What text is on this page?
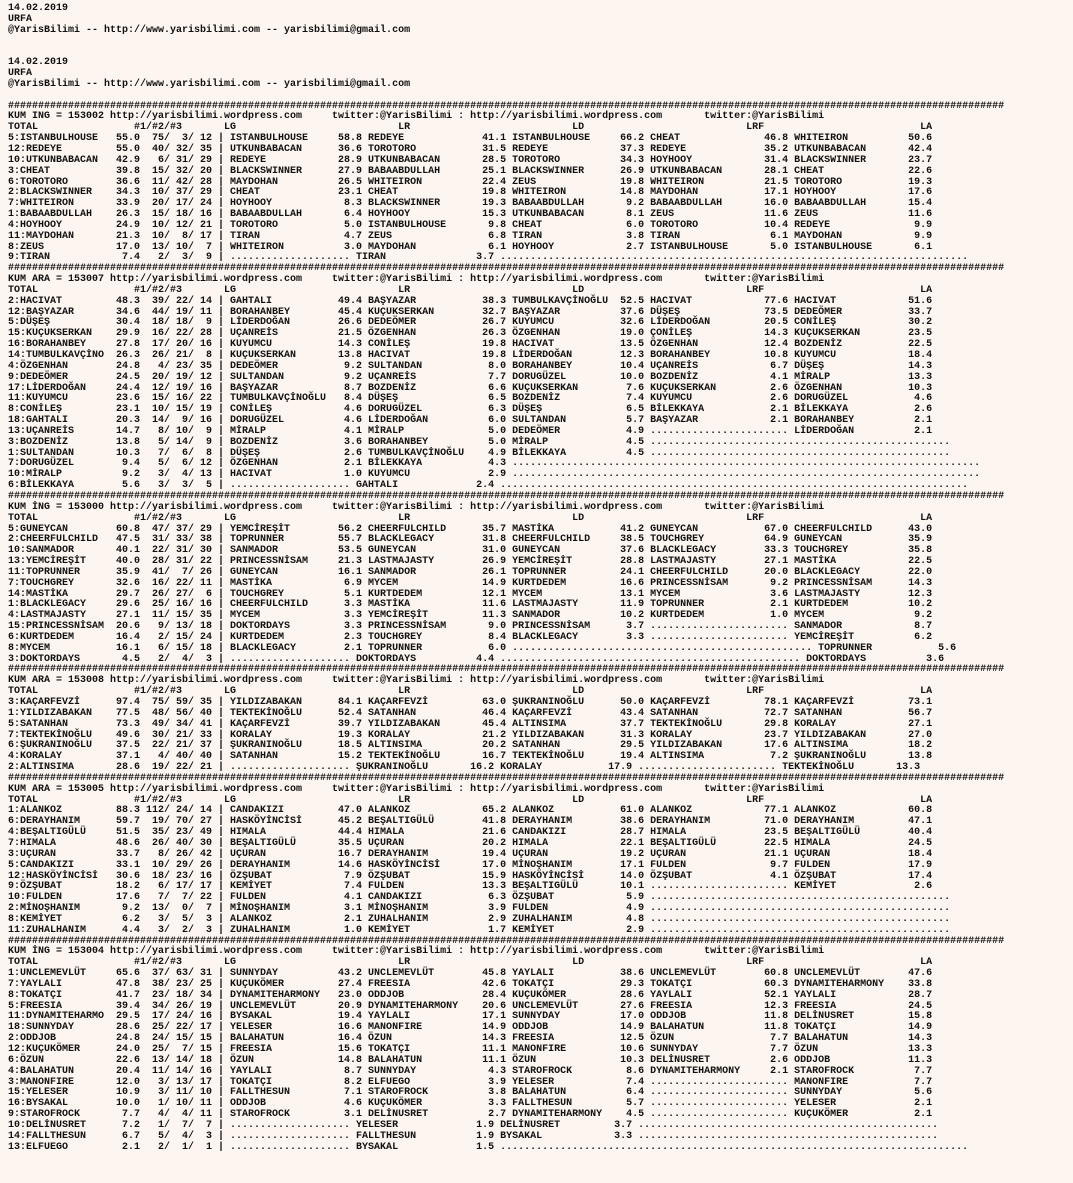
14.02.2019
URFA
@YarisBilimi -- http://www.yarisbilimi.com -- yarisbilimi@gmail.com
14.02.2019
URFA
@YarisBilimi -- http://www.yarisbilimi.com -- yarisbilimi@gmail.com
######################################################################################################################################################################
KUM ING = 153002 http://yarisbilimi.wordpress.com     twitter:@YarisBilimi : http://yarisbilimi.wordpress.com       twitter:@YarisBilimi
TOTAL                #1/#2/#3       LG                           LR                           LD                           LRF                          LA
5:ISTANBULHOUSE   55.0  75/  3/ 12 | ISTANBULHOUSE     58.8 REDEYE             41.1 ISTANBULHOUSE     66.2 CHEAT              46.8 WHITEIRON          50.6
12:REDEYE         55.0  40/ 32/ 35 | UTKUNBABACAN      36.6 TOROTORO           31.5 REDEYE            37.3 REDEYE             35.2 UTKUNBABACAN       42.4
10:UTKUNBABACAN   42.9   6/ 31/ 29 | REDEYE            28.9 UTKUNBABACAN       28.5 TOROTORO          34.3 HOYHOOY            31.4 BLACKSWINNER       23.7
3:CHEAT           39.8  15/ 32/ 20 | BLACKSWINNER      27.9 BABAABDULLAH       25.1 BLACKSWINNER      26.9 UTKUNBABACAN       28.1 CHEAT              22.6
6:TOROTORO        36.6  11/ 42/ 28 | MAYDOHAN          26.5 WHITEIRON          22.4 ZEUS              19.8 WHITEIRON          21.5 TOROTORO           19.3
2:BLACKSWINNER    34.3  10/ 37/ 29 | CHEAT             23.1 CHEAT              19.8 WHITEIRON         14.8 MAYDOHAN           17.1 HOYHOOY            17.6
7:WHITEIRON       33.9  20/ 17/ 24 | HOYHOOY            8.3 BLACKSWINNER       19.3 BABAABDULLAH       9.2 BABAABDULLAH       16.0 BABAABDULLAH       15.4
1:BABAABDULLAH    26.3  15/ 18/ 16 | BABAABDULLAH       6.4 HOYHOOY            15.3 UTKUNBABACAN       8.1 ZEUS               11.6 ZEUS               11.6
4:HOYHOOY         24.9  10/ 12/ 21 | TOROTORO           5.0 ISTANBULHOUSE       9.8 CHEAT              6.0 TOROTORO           10.4 REDEYE              9.9
11:MAYDOHAN       21.3  10/  8/ 17 | TIRAN              4.7 ZEUS                6.8 TIRAN              3.8 TIRAN               6.1 MAYDOHAN            9.9
8:ZEUS            17.0  13/ 10/  7 | WHITEIRON          3.0 MAYDOHAN            6.1 HOYHOOY            2.7 ISTANBULHOUSE       5.0 ISTANBULHOUSE       6.1
9:TIRAN            7.4   2/  3/  9 | .................... TIRAN               3.7 ..............................................................................
######################################################################################################################################################################
KUM ARA = 153007 http://yarisbilimi.wordpress.com     twitter:@YarisBilimi : http://yarisbilimi.wordpress.com       twitter:@YarisBilimi
TOTAL                #1/#2/#3       LG                           LR                           LD                           LRF                          LA
2:HACIVAT         48.3  39/ 22/ 14 | GAHTALI           49.4 BAŞYAZAR           38.3 TUMBULKAVÇİNOĞLU  52.5 HACIVAT            77.6 HACIVAT            51.6
12:BAŞYAZAR       34.6  44/ 19/ 11 | BORAHANBEY        45.4 KUÇUKSERKAN        32.7 BAŞYAZAR          37.6 DÜŞEŞ              73.5 DEDEÖMER           33.7
5:DÜŞEŞ           30.4  18/ 18/  9 | LİDERDOĞAN        26.6 DEDEÖMER           26.7 KUYUMCU           32.6 LİDERDOĞAN         20.5 CONİLEŞ            30.2
15:KUÇUKSERKAN    29.9  16/ 22/ 28 | UÇANREİS          21.5 ÖZGENHAN           26.3 ÖZGENHAN          19.0 ÇONİLEŞ            14.3 KUÇUKSERKAN        23.5
16:BORAHANBEY     27.8  17/ 20/ 16 | KUYUMCU           14.3 CONİLEŞ            19.8 HACIVAT           13.5 ÖZGENHAN           12.4 BOZDENİZ           22.5
14:TUMBULKAVÇİNO  26.3  26/ 21/  8 | KUÇUKSERKAN       13.8 HACIVAT            19.8 LİDERDOĞAN        12.3 BORAHANBEY         10.8 KUYUMCU            18.4
4:ÖZGENHAN        24.8   4/ 23/ 35 | DEDEÖMER           9.2 SULTANDAN           8.0 BORAHANBEY        10.4 UÇANREİS            6.7 DÜŞEŞ              14.3
9:DEDEÖMER        24.5  20/ 19/ 12 | SULTANDAN          9.2 UÇANREİS            7.7 DORUGÜZEL         10.0 BOZDENİZ            4.1 MİRALP             13.3
17:LİDERDOĞAN     24.4  12/ 19/ 16 | BAŞYAZAR           8.7 BOZDENİZ            6.6 KUÇUKSERKAN        7.6 KUÇUKSERKAN         2.6 ÖZGENHAN           10.3
11:KUYUMCU        23.6  15/ 16/ 22 | TUMBULKAVÇİNOĞLU   8.4 DÜŞEŞ               6.5 BOZDENİZ           7.4 KUYUMCU             2.6 DORUGÜZEL           4.6
8:CONİLEŞ         23.1  10/ 15/ 19 | CONİLEŞ            4.6 DORUGÜZEL           6.3 DÜŞEŞ              6.5 BİLEKKAYA           2.1 BİLEKKAYA           2.6
18:GAHTALI        20.3  14/  9/ 16 | DORUGÜZEL          4.6 LİDERDOĞAN          6.0 SULTANDAN          5.7 BAŞYAZAR            2.1 BORAHANBEY          2.1
13:UÇANREİS       14.7   8/ 10/  9 | MİRALP             4.1 MİRALP              5.0 DEDEÖMER           4.9 ....................... LİDERDOĞAN          2.1
3:BOZDENİZ        13.8   5/ 14/  9 | BOZDENİZ           3.6 BORAHANBEY          5.0 MİRALP             4.5 ..................................................
1:SULTANDAN       10.3   7/  6/  8 | DÜŞEŞ              2.6 TUMBULKAVÇİNOĞLU    4.9 BİLEKKAYA          4.5 ..................................................
7:DORUGÜZEL        9.4   5/  6/ 12 | ÖZGENHAN           2.1 BİLEKKAYA           4.3 ..............................................................................
10:MİRALP          9.2   3/  4/ 13 | HACIVAT            1.0 KUYUMCU             2.9 ..............................................................................
6:BİLEKKAYA        5.6   3/  3/  5 | .................... GAHTALI             2.4 ..............................................................................
######################################################################################################################################################################
KUM İNG = 153000 http://yarisbilimi.wordpress.com     twitter:@YarisBilimi : http://yarisbilimi.wordpress.com       twitter:@YarisBilimi
TOTAL                #1/#2/#3       LG                           LR                           LD                           LRF                          LA
5:GUNEYCAN        60.8  47/ 37/ 29 | YEMCİREŞİT        56.2 CHEERFULCHILD      35.7 MASTİKA           41.2 GUNEYCAN           67.0 CHEERFULCHILD      43.0
2:CHEERFULCHILD   47.5  31/ 33/ 38 | TOPRUNNER         55.7 BLACKLEGACY        31.8 CHEERFULCHILD     38.5 TOUCHGREY          64.9 GUNEYCAN           35.9
10:SANMADOR       40.1  22/ 31/ 30 | SANMADOR          53.5 GUNEYCAN           31.0 GUNEYCAN          37.6 BLACKLEGACY        33.3 TOUCHGREY          35.8
13:YEMCİREŞİT     40.0  28/ 31/ 22 | PRINCESSNİSAM     21.3 LASTMAJASTY        26.9 YEMCİREŞİT        28.8 LASTMAJASTY        27.1 MASTİKA            22.5
11:TOPRUNNER      35.9  41/  7/ 26 | GUNEYCAN          16.1 SANMADOR           26.1 TOPRUNNER         24.1 CHEERFULCHILD      20.0 BLACKLEGACY        22.0
7:TOUCHGREY       32.6  16/ 22/ 11 | MASTİKA            6.9 MYCEM              14.9 KURTDEDEM         16.6 PRINCESSNİSAM       9.2 PRINCESSNİSAM      14.3
14:MASTİKA        29.7  26/ 27/  6 | TOUCHGREY          5.1 KURTDEDEM          12.1 MYCEM             13.1 MYCEM               3.6 LASTMAJASTY        12.3
1:BLACKLEGACY     29.6  25/ 16/ 16 | CHEERFULCHILD      3.3 MASTİKA            11.6 LASTMAJASTY       11.9 TOPRUNNER           2.1 KURTDEDEM          10.2
4:LASTMAJASTY     27.1  11/ 15/ 35 | MYCEM              3.3 YEMCİREŞİT         11.3 SANMADOR          10.2 KURTDEDEM           1.0 MYCEM               9.2
15:PRINCESSNİSAM  20.6   9/ 13/ 18 | DOKTORDAYS         3.3 PRINCESSNİSAM       9.0 PRINCESSNİSAM      3.7 ....................... SANMADOR            8.7
6:KURTDEDEM       16.4   2/ 15/ 24 | KURTDEDEM          2.3 TOUCHGREY           8.4 BLACKLEGACY        3.3 ....................... YEMCİREŞİT          6.2
8:MYCEM           16.1   6/ 15/ 18 | BLACKLEGACY        2.1 TOPRUNNER           6.0 .................................................. TOPRUNNER           5.6
3:DOKTORDAYS       4.5   2/  4/  3 | .................... DOKTORDAYS          4.4 .................................................. DOKTORDAYS          3.6
######################################################################################################################################################################
KUM ARA = 153008 http://yarisbilimi.wordpress.com     twitter:@YarisBilimi : http://yarisbilimi.wordpress.com       twitter:@YarisBilimi
TOTAL                #1/#2/#3       LG                           LR                           LD                           LRF                          LA
3:KAÇARFEVZİ      97.4  75/ 59/ 35 | YILDIZABAKAN      84.1 KAÇARFEVZİ         63.0 ŞUKRANINOĞLU      50.0 KAÇARFEVZİ         78.1 KAÇARFEVZİ         73.1
1:YILDIZABAKAN    77.5  48/ 56/ 40 | TEKTEKİNOĞLU      52.4 SATANHAN           46.4 KAÇARFEVZİ        43.4 SATANHAN           72.7 SATANHAN           56.7
5:SATANHAN        73.3  49/ 34/ 41 | KAÇARFEVZİ        39.7 YILDIZABAKAN       45.4 ALTINSIMA         37.7 TEKTEKİNOĞLU       29.8 KORALAY            27.1
7:TEKTEKİNOĞLU    49.6  30/ 21/ 33 | KORALAY           19.3 KORALAY            21.2 YILDIZABAKAN      31.3 KORALAY            23.7 YILDIZABAKAN       27.0
6:ŞUKRANINOĞLU    37.5  22/ 21/ 37 | ŞUKRANINOĞLU      18.5 ALTINSIMA          20.2 SATANHAN          29.5 YILDIZABAKAN       17.6 ALTINSIMA          18.2
4:KORALAY         37.1   4/ 40/ 40 | SATANHAN          15.2 TEKTEKİNOĞLU       16.7 TEKTEKİNOĞLU      19.4 ALTINSIMA           7.2 ŞUKRANINOĞLU       13.8
2:ALTINSIMA       28.6  19/ 22/ 21 | .................... ŞUKRANINOĞLU       16.2 KORALAY           17.9 ....................... TEKTEKİNOĞLU       13.3
######################################################################################################################################################################
KUM ARA = 153005 http://yarisbilimi.wordpress.com     twitter:@YarisBilimi : http://yarisbilimi.wordpress.com       twitter:@YarisBilimi
TOTAL                #1/#2/#3       LG                           LR                           LD                           LRF                          LA
1:ALANKOZ         88.3 112/ 24/ 14 | CANDAKIZI         47.0 ALANKOZ            65.2 ALANKOZ           61.0 ALANKOZ            77.1 ALANKOZ            60.8
6:DERAYHANIM      59.7  19/ 70/ 27 | HASKÖYİNCİSİ      45.2 BEŞALTIGÜLÜ        41.8 DERAYHANIM        38.6 DERAYHANIM         71.0 DERAYHANIM         47.1
4:BEŞALTIGÜLÜ     51.5  35/ 23/ 49 | HIMALA            44.4 HIMALA             21.6 CANDAKIZI         28.7 HIMALA             23.5 BEŞALTIGÜLÜ        40.4
7:HIMALA          48.6  26/ 40/ 30 | BEŞALTIGÜLÜ       35.5 UÇURAN             20.2 HIMALA            22.1 BEŞALTIGÜLÜ        22.5 HIMALA             24.5
3:UÇURAN          33.7   8/ 26/ 42 | UÇURAN            16.7 DERAYHANIM         19.4 UÇURAN            19.2 UÇURAN             21.1 UÇURAN             18.4
5:CANDAKIZI       33.1  10/ 29/ 26 | DERAYHANIM        14.6 HASKÖYİNCİSİ       17.0 MİNOŞHANIM        17.1 FULDEN              9.7 FULDEN             17.9
12:HASKÖYİNCİSİ   30.6  18/ 23/ 16 | ÖZŞUBAT            7.9 ÖZŞUBAT            15.9 HASKÖYİNCİSİ      14.0 ÖZŞUBAT             4.1 ÖZŞUBAT            17.4
9:ÖZŞUBAT         18.2   6/ 17/ 17 | KEMİYET            7.4 FULDEN             13.3 BEŞALTIGÜLÜ       10.1 ....................... KEMİYET             2.6
10:FULDEN         17.6   7/  7/ 22 | FULDEN             4.1 CANDAKIZI           6.3 ÖZŞUBAT            5.9 ..................................................
2:MİNOŞHANIM       9.2  13/  0/  7 | MİNOŞHANIM         3.1 MİNOŞHANIM          3.9 FULDEN             4.9 ..................................................
8:KEMİYET          6.2   3/  5/  3 | ALANKOZ            2.1 ZUHALHANIM          2.9 ZUHALHANIM         4.8 ..................................................
11:ZUHALHANIM      4.4   3/  2/  3 | ZUHALHANIM         1.0 KEMİYET             1.7 KEMİYET            2.9 ..................................................
######################################################################################################################################################################
KUM İNG = 153004 http://yarisbilimi.wordpress.com     twitter:@YarisBilimi : http://yarisbilimi.wordpress.com       twitter:@YarisBilimi
TOTAL                #1/#2/#3       LG                           LR                           LD                           LRF                          LA
1:UNCLEMEVLÜT     65.6  37/ 63/ 31 | SUNNYDAY          43.2 UNCLEMEVLÜT        45.8 YAYLALI           38.6 UNCLEMEVLÜT        60.8 UNCLEMEVLÜT        47.6
7:YAYLALI         47.8  38/ 23/ 25 | KUÇUKÖMER         27.4 FREESIA            42.6 TOKATÇI           29.3 TOKATÇI            60.3 DYNAMITEHARMONY    33.8
8:TOKATÇI         41.7  23/ 18/ 34 | DYNAMITEHARMONY   23.0 ODDJOB             28.4 KUÇUKÖMER         28.6 YAYLALI            52.1 YAYLALI            28.7
5:FREESIA         39.4  34/ 26/ 19 | UNCLEMEVLÜT       20.9 DYNAMITEHARMONY    20.6 UNCLEMEVLÜT       27.6 FREESIA            12.3 FREESIA            24.5
11:DYNAMITEHARMO  29.5  17/ 24/ 16 | BYSAKAL           19.4 YAYLALI            17.1 SUNNYDAY          17.0 ODDJOB             11.8 DELİNUSRET         15.8
18:SUNNYDAY       28.6  25/ 22/ 17 | YELESER           16.6 MANONFIRE          14.9 ODDJOB            14.9 BALAHATUN          11.8 TOKATÇI            14.9
2:ODDJOB          24.8  24/ 15/ 15 | BALAHATUN         16.4 ÖZUN               14.3 FREESIA           12.5 ÖZUN                7.7 BALAHATUN          14.3
12:KUÇUKÖMER      24.0  25/  7/ 15 | FREESIA           15.6 TOKATÇI            11.1 MANONFIRE         10.6 SUNNYDAY            7.7 ÖZUN               13.3
6:ÖZUN            22.6  13/ 14/ 18 | ÖZUN              14.8 BALAHATUN          11.1 ÖZUN              10.3 DELİNUSRET          2.6 ODDJOB             11.3
4:BALAHATUN       20.4  11/ 14/ 16 | YAYLALI            8.7 SUNNYDAY            4.3 STAROFROCK         8.6 DYNAMITEHARMONY     2.1 STAROFROCK          7.7
3:MANONFIRE       12.0   3/ 13/ 17 | TOKATÇI            8.2 ELFUEGO             3.9 YELESER            7.4 ....................... MANONFIRE           7.7
15:YELESER        10.9   3/ 11/ 10 | FALLTHESUN         7.1 STAROFROCK          3.8 BALAHATUN          6.4 ....................... SUNNYDAY            5.6
16:BYSAKAL        10.0   1/ 10/ 11 | ODDJOB             4.6 KUÇUKÖMER           3.3 FALLTHESUN         5.7 ....................... YELESER             2.1
9:STAROFROCK       7.7   4/  4/ 11 | STAROFROCK         3.1 DELİNUSRET          2.7 DYNAMITEHARMONY    4.5 ....................... KUÇUKÖMER           2.1
10:DELİNUSRET      7.2   1/  7/  7 | .................... YELESER             1.9 DELİNUSRET         3.7 ..................................................
14:FALLTHESUN      6.7   5/  4/  3 | .................... FALLTHESUN          1.9 BYSAKAL            3.3 ..................................................
13:ELFUEGO         2.1   2/  1/  1 | .................... BYSAKAL             1.5 ..............................................................................
